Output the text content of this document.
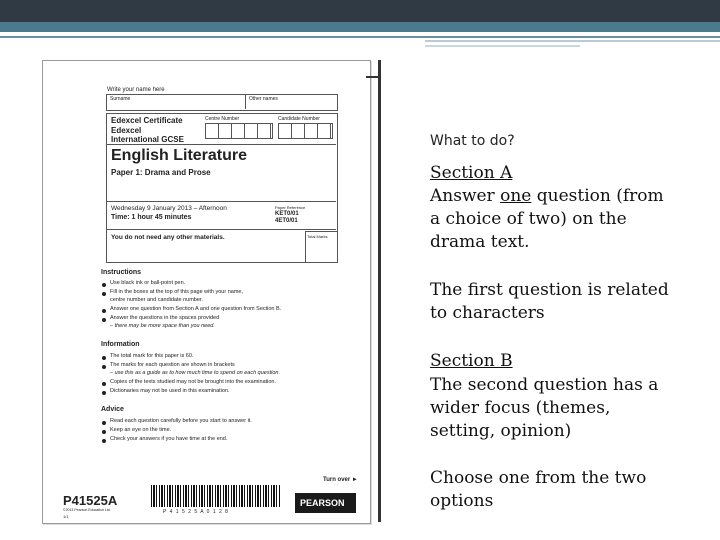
Write your name here
Surname	Other names
Edexcel Certificate
Edexcel
International GCSE
Centre Number	Candidate Number
English Literature
Paper 1: Drama and Prose
Wednesday 9 January 2013 – Afternoon
Time: 1 hour 45 minutes
Paper Reference
KET0/01
4ET0/01
You do not need any other materials.	Total Marks
Instructions
Use black ink or ball-point pen.
Fill in the boxes at the top of this page with your name,
centre number and candidate number.
Answer one question from Section A and one question from Section B.
Answer the questions in the spaces provided
– there may be more space than you need.
Information
The total mark for this paper is 60.
The marks for each question are shown in brackets
– use this as a guide as to how much time to spend on each question.
Copies of the texts studied may not be brought into the examination.
Dictionaries may not be used in this examination.
Advice
Read each question carefully before you start to answer it.
Keep an eye on the time.
Check your answers if you have time at the end.
Turn over ►
P41525A
©2013 Pearson Education Ltd.
1/1
P 4 1 5 2 5 A 0 1 2 8
PEARSON
What to do?
Section A
Answer one question (from
a choice of two) on the
drama text.
The first question is related
to characters
Section B
The second question has a
wider focus (themes,
setting, opinion)
Choose one from the two
options
